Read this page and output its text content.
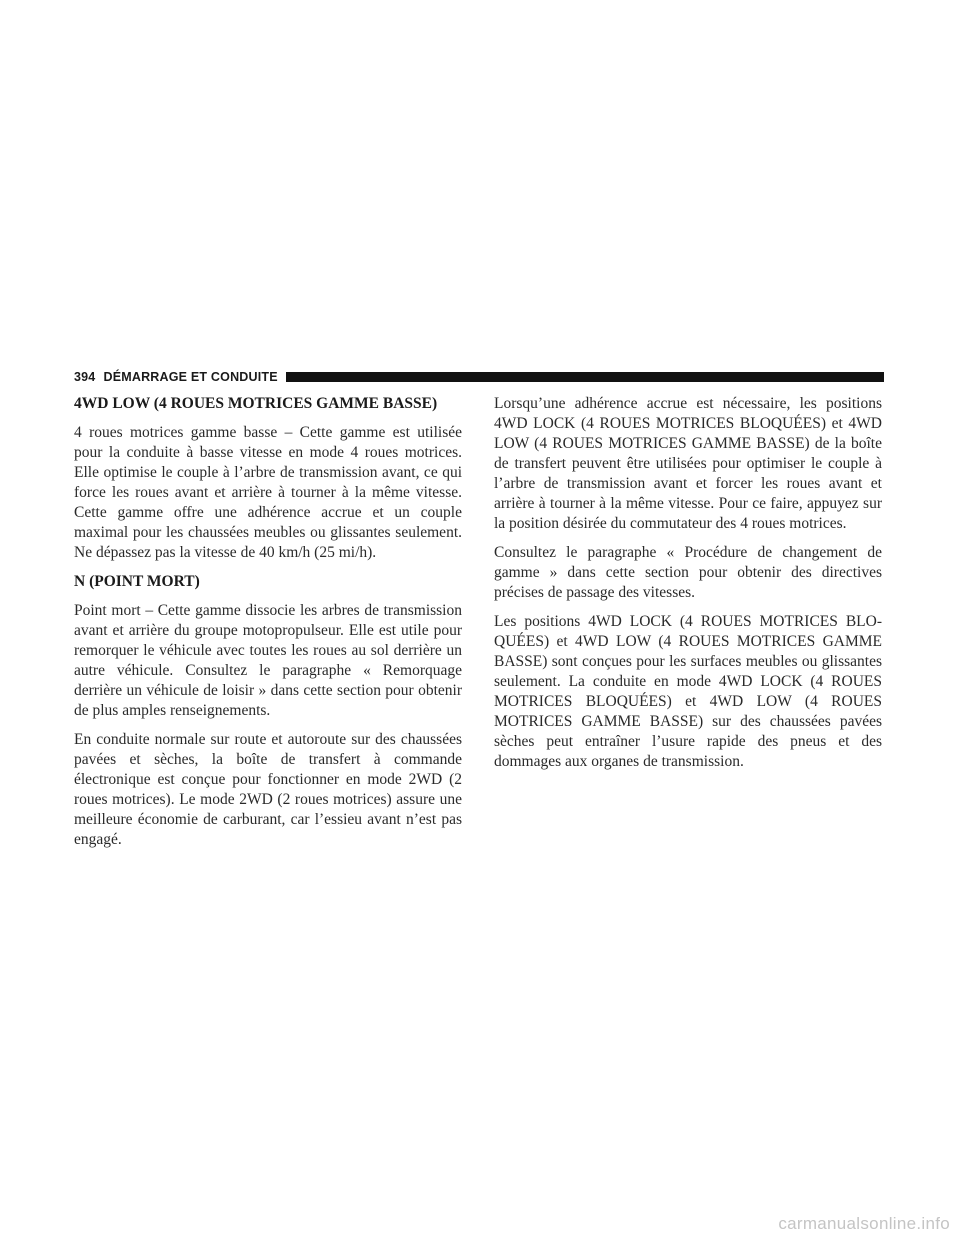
394 DÉMARRAGE ET CONDUITE
4WD LOW (4 ROUES MOTRICES GAMME BASSE)

4 roues motrices gamme basse – Cette gamme est utilisée pour la conduite à basse vitesse en mode 4 roues motrices. Elle optimise le couple à l’arbre de transmission avant, ce qui force les roues avant et arrière à tourner à la même vitesse. Cette gamme offre une adhérence accrue et un couple maximal pour les chaussées meubles ou glissantes seulement. Ne dépassez pas la vitesse de 40 km/h (25 mi/h).

N (POINT MORT)

Point mort – Cette gamme dissocie les arbres de transmission avant et arrière du groupe motopropulseur. Elle est utile pour remorquer le véhicule avec toutes les roues au sol derrière un autre véhicule. Consultez le paragraphe « Remorquage derrière un véhicule de loisir » dans cette section pour obtenir de plus amples renseignements.

En conduite normale sur route et autoroute sur des chaussées pavées et sèches, la boîte de transfert à commande électronique est conçue pour fonctionner en mode 2WD (2 roues motrices). Le mode 2WD (2 roues motrices) assure une meilleure économie de carburant, car l’essieu avant n’est pas engagé.

Lorsqu’une adhérence accrue est nécessaire, les positions 4WD LOCK (4 ROUES MOTRICES BLOQUÉES) et 4WD LOW (4 ROUES MOTRICES GAMME BASSE) de la boîte de transfert peuvent être utilisées pour optimiser le couple à l’arbre de transmission avant et forcer les roues avant et arrière à tourner à la même vitesse. Pour ce faire, appuyez sur la position désirée du commutateur des 4 roues motrices.

Consultez le paragraphe « Procédure de changement de gamme » dans cette section pour obtenir des directives précises de passage des vitesses.

Les positions 4WD LOCK (4 ROUES MOTRICES BLOQUÉES) et 4WD LOW (4 ROUES MOTRICES GAMME BASSE) sont conçues pour les surfaces meubles ou glissantes seulement. La conduite en mode 4WD LOCK (4 ROUES MOTRICES BLOQUÉES) et 4WD LOW (4 ROUES MOTRICES GAMME BASSE) sur des chaussées pavées sèches peut entraîner l’usure rapide des pneus et des dommages aux organes de transmission.

carmanualsonline.info
